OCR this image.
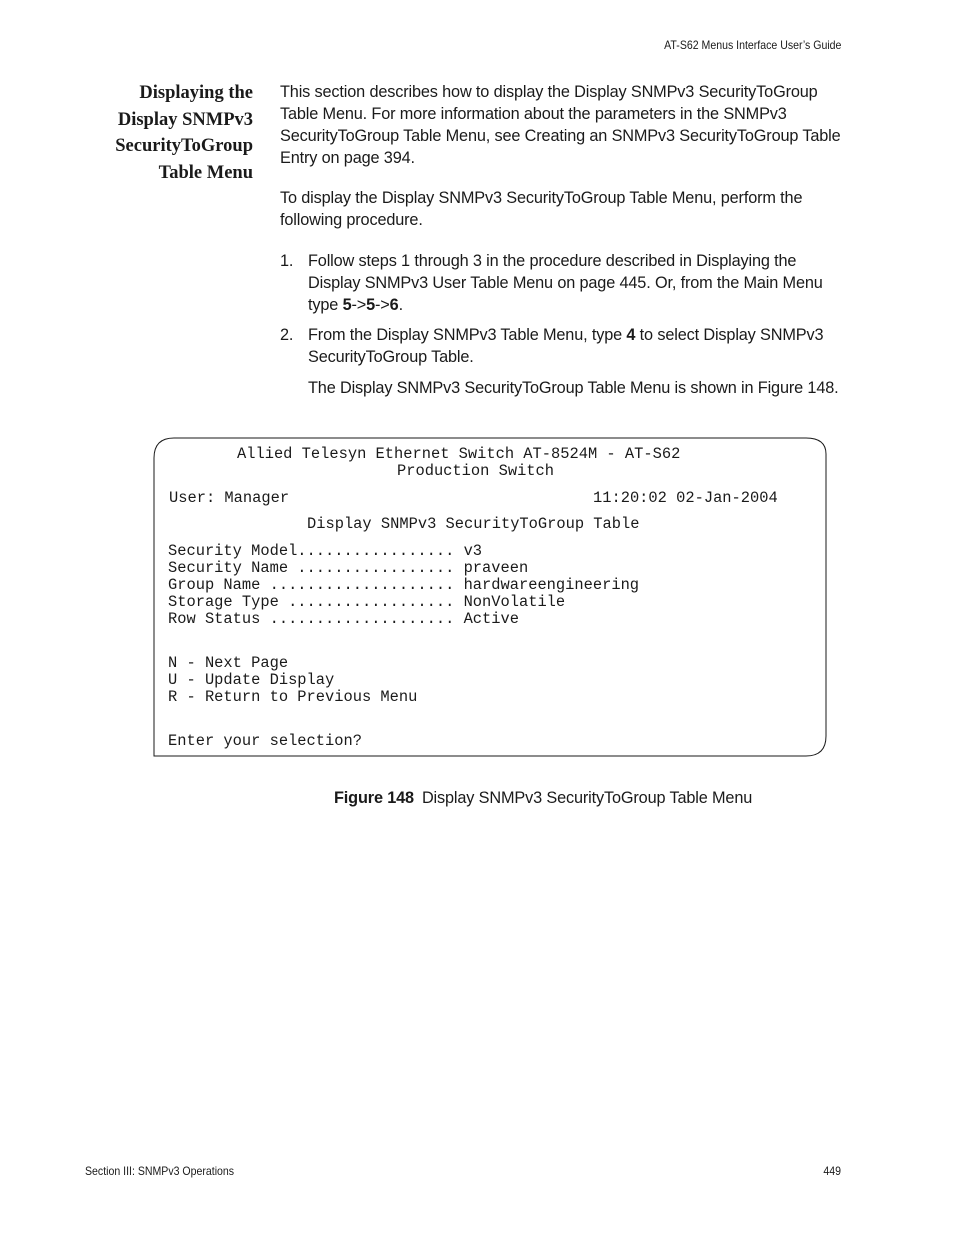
AT-S62 Menus Interface User’s Guide
Displaying the
Display SNMPv3
SecurityToGroup
Table Menu
This section describes how to display the Display SNMPv3 SecurityToGroup Table Menu. For more information about the parameters in the SNMPv3 SecurityToGroup Table Menu, see Creating an SNMPv3 SecurityToGroup Table Entry on page 394.
To display the Display SNMPv3 SecurityToGroup Table Menu, perform the following procedure.
1. Follow steps 1 through 3 in the procedure described in Displaying the Display SNMPv3 User Table Menu on page 445. Or, from the Main Menu type 5->5->6.
2. From the Display SNMPv3 Table Menu, type 4 to select Display SNMPv3 SecurityToGroup Table.
The Display SNMPv3 SecurityToGroup Table Menu is shown in Figure 148.
Allied Telesyn Ethernet Switch AT-8524M - AT-S62
Production Switch
User: Manager	11:20:02 02-Jan-2004
Display SNMPv3 SecurityToGroup Table
Security Model................. v3
Security Name ................. praveen
Group Name .................... hardwareengineering
Storage Type .................. NonVolatile
Row Status .................... Active
N - Next Page
U - Update Display
R - Return to Previous Menu
Enter your selection?
Figure 148 Display SNMPv3 SecurityToGroup Table Menu
Section III: SNMPv3 Operations	449
